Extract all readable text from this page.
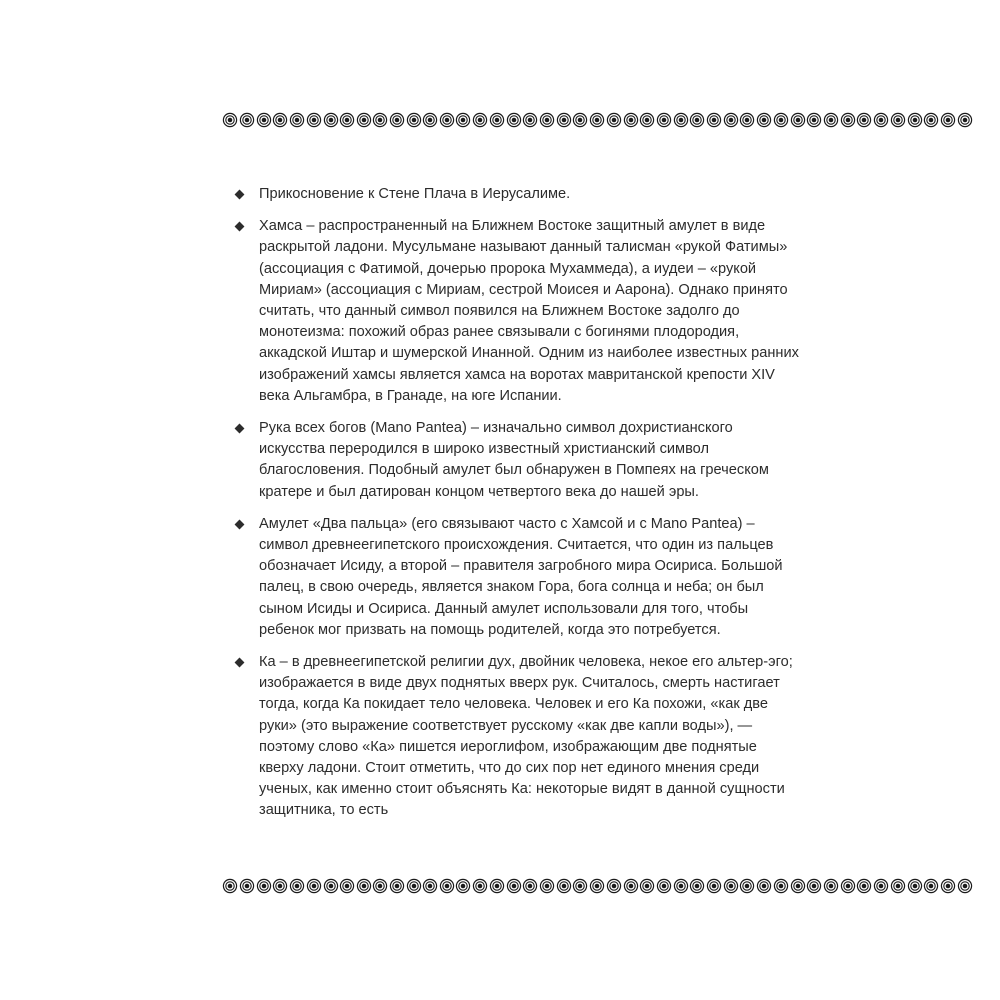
Прикосновение к Стене Плача в Иерусалиме.
Хамса – распространенный на Ближнем Востоке защитный амулет в виде раскрытой ладони. Мусульмане называют данный талисман «рукой Фатимы» (ассоциация с Фатимой, дочерью пророка Мухаммеда), а иудеи – «рукой Мириам» (ассоциация с Мириам, сестрой Моисея и Аарона). Однако принято считать, что данный символ появился на Ближнем Востоке задолго до монотеизма: похожий образ ранее связывали с богинями плодородия, аккадской Иштар и шумерской Инанной. Одним из наиболее известных ранних изображений хамсы является хамса на воротах мавританской крепости XIV века Альгамбра, в Гранаде, на юге Испании.
Рука всех богов (Mano Pantea) – изначально символ дохристианского искусства переродился в широко известный христианский символ благословения. Подобный амулет был обнаружен в Помпеях на греческом кратере и был датирован концом четвертого века до нашей эры.
Амулет «Два пальца» (его связывают часто с Хамсой и с Mano Pantea) – символ древнеегипетского происхождения. Считается, что один из пальцев обозначает Исиду, а второй – правителя загробного мира Осириса. Большой палец, в свою очередь, является знаком Гора, бога солнца и неба; он был сыном Исиды и Осириса. Данный амулет использовали для того, чтобы ребенок мог призвать на помощь родителей, когда это потребуется.
Ка – в древнеегипетской религии дух, двойник человека, некое его альтер-эго; изображается в виде двух поднятых вверх рук. Считалось, смерть настигает тогда, когда Ка покидает тело человека. Человек и его Ка похожи, «как две руки» (это выражение соответствует русскому «как две капли воды»), — поэтому слово «Ка» пишется иероглифом, изображающим две поднятые кверху ладони. Стоит отметить, что до сих пор нет единого мнения среди ученых, как именно стоит объяснять Ка: некоторые видят в данной сущности защитника, то есть
